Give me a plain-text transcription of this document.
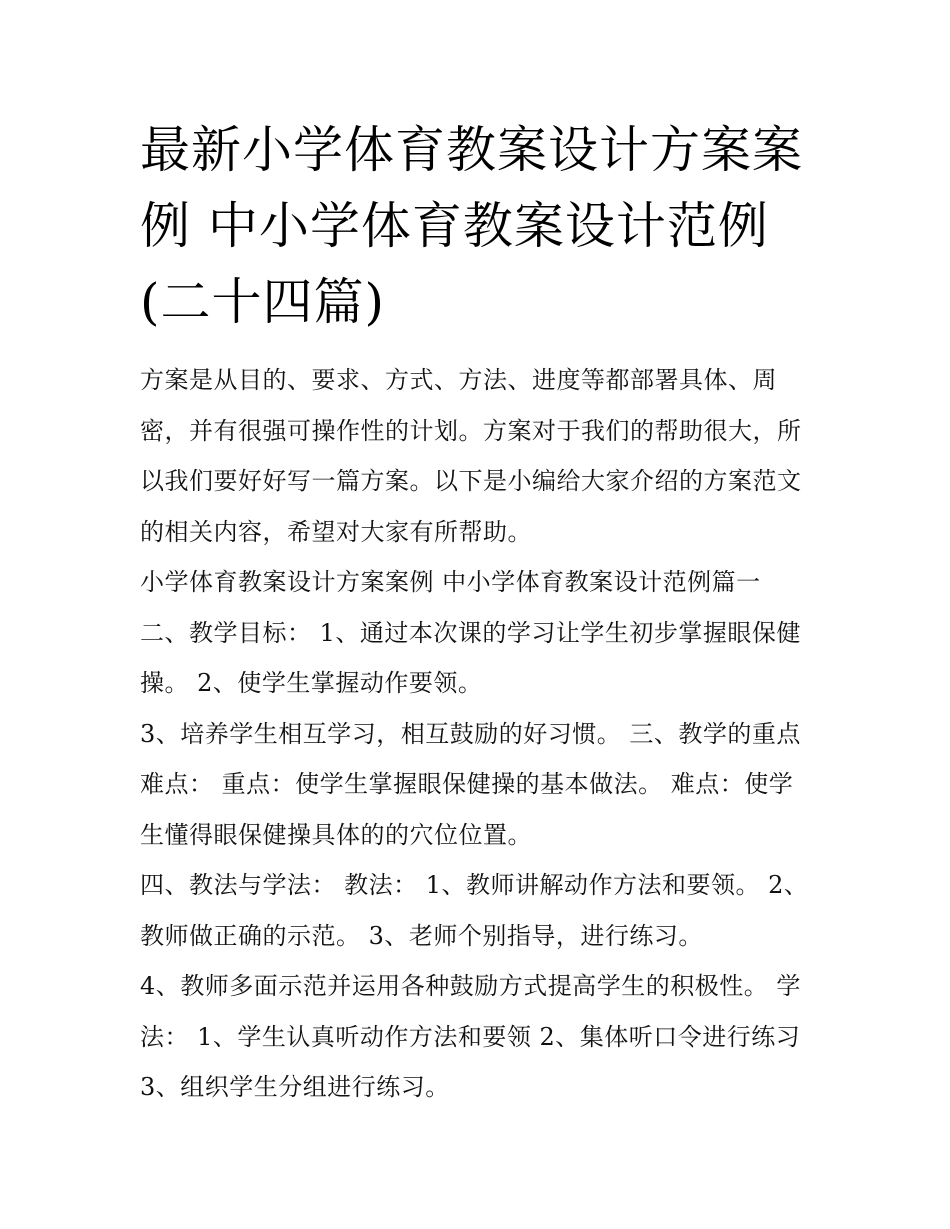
最新小学体育教案设计方案案
例 中小学体育教案设计范例
(二十四篇)

方案是从目的、要求、方式、方法、进度等都部署具体、周
密，并有很强可操作性的计划。方案对于我们的帮助很大，所
以我们要好好写一篇方案。以下是小编给大家介绍的方案范文
的相关内容，希望对大家有所帮助。

小学体育教案设计方案案例 中小学体育教案设计范例篇一

二、教学目标： 1、通过本次课的学习让学生初步掌握眼保健
操。 2、使学生掌握动作要领。

3、培养学生相互学习，相互鼓励的好习惯。 三、教学的重点
难点： 重点：使学生掌握眼保健操的基本做法。 难点：使学
生懂得眼保健操具体的的穴位位置。

四、教法与学法： 教法： 1、教师讲解动作方法和要领。 2、
教师做正确的示范。 3、老师个别指导，进行练习。

4、教师多面示范并运用各种鼓励方式提高学生的积极性。 学
法： 1、学生认真听动作方法和要领 2、集体听口令进行练习
3、组织学生分组进行练习。
